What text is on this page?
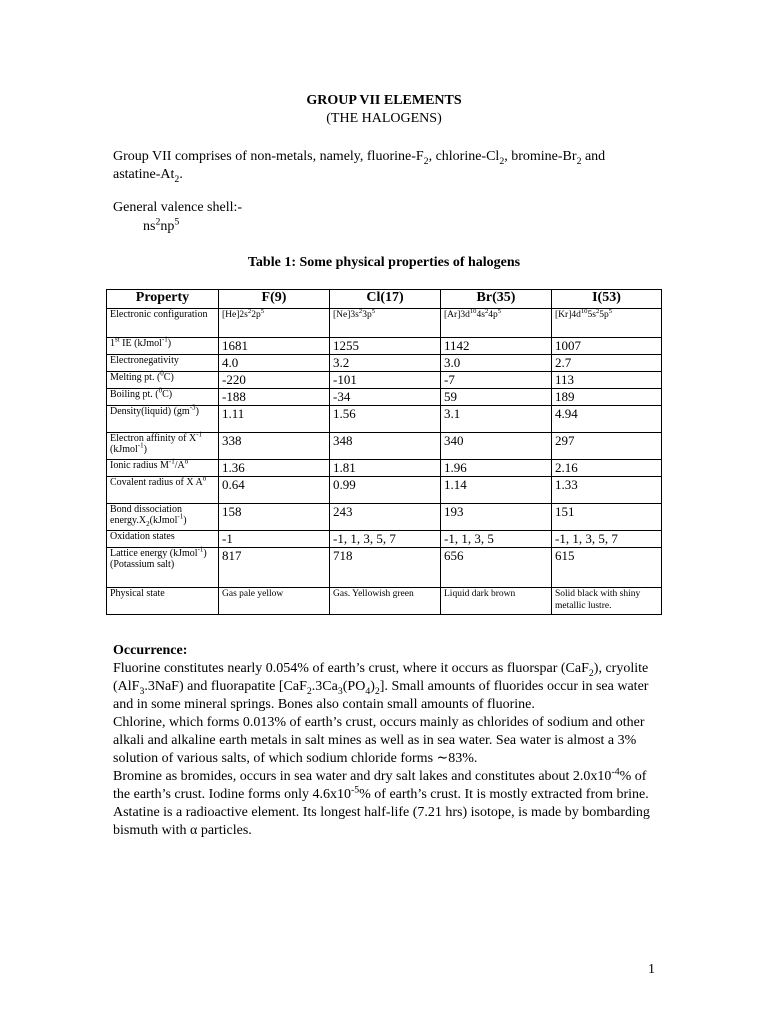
GROUP VII ELEMENTS
(THE HALOGENS)
Group VII comprises of non-metals, namely, fluorine-$F_2$, chlorine-$Cl_2$, bromine-$Br_2$ and astatine-$At_2$.
General valence shell:-
$ns^2np^5$
Table 1: Some physical properties of halogens
Property	F(9)	Cl(17)	Br(35)	I(53)
Electronic configuration	$[He]2s^22p^5$	$[Ne]3s^23p^5$	$[Ar]3d^{10}4s^24p^5$	$[Kr]4d^{10}5s^25p^5$
1st IE (kJmol$^{-1}$)	1681	1255	1142	1007
Electronegativity	4.0	3.2	3.0	2.7
Melting pt. ($^0$C)	-220	-101	-7	113
Boiling pt. ($^0$C)	-188	-34	59	189
Density(liquid) $(gm^{-3})$	1.11	1.56	3.1	4.94
Electron affinity of $X^{-1}$ (kJmol$^{-1}$)	338	348	340	297
Ionic radius $M^{-1}/A^o$	1.36	1.81	1.96	2.16
Covalent radius of X $A^o$	0.64	0.99	1.14	1.33
Bond dissociation $energy.X_2(kJmol^{-1})$	158	243	193	151
Oxidation states	-1	-1, 1, 3, 5, 7	-1, 1, 3, 5	-1, 1, 3, 5, 7
Lattice energy (kJmol$^{-1}$) (Potassium salt)	817	718	656	615
Physical state	Gas pale yellow	Gas. Yellowish green	Liquid dark brown	Solid black with shiny metallic lustre.
Occurrence:

Fluorine constitutes nearly 0.054% of earth’s crust, where it occurs as fluorspar (CaF$_2$), cryolite (AlF$_3$.3NaF) and fluorapatite $[CaF_2.3Ca_3(PO_4)_2]$. Small amounts of fluorides occur in sea water and in some mineral springs. Bones also contain small amounts of fluorine.

Chlorine, which forms 0.013% of earth’s crust, occurs mainly as chlorides of sodium and other alkali and alkaline earth metals in salt mines as well as in sea water. Sea water is almost a 3% solution of various salts, of which sodium chloride forms ∼83%.

Bromine as bromides, occurs in sea water and dry salt lakes and constitutes about $2.0x10^{-4}\%$ of the earth’s crust. Iodine forms only $4.6x10^{-5}\%$ of earth’s crust. It is mostly extracted from brine. Astatine is a radioactive element. Its longest half-life (7.21 hrs) isotope, is made by bombarding bismuth with α particles.

1
